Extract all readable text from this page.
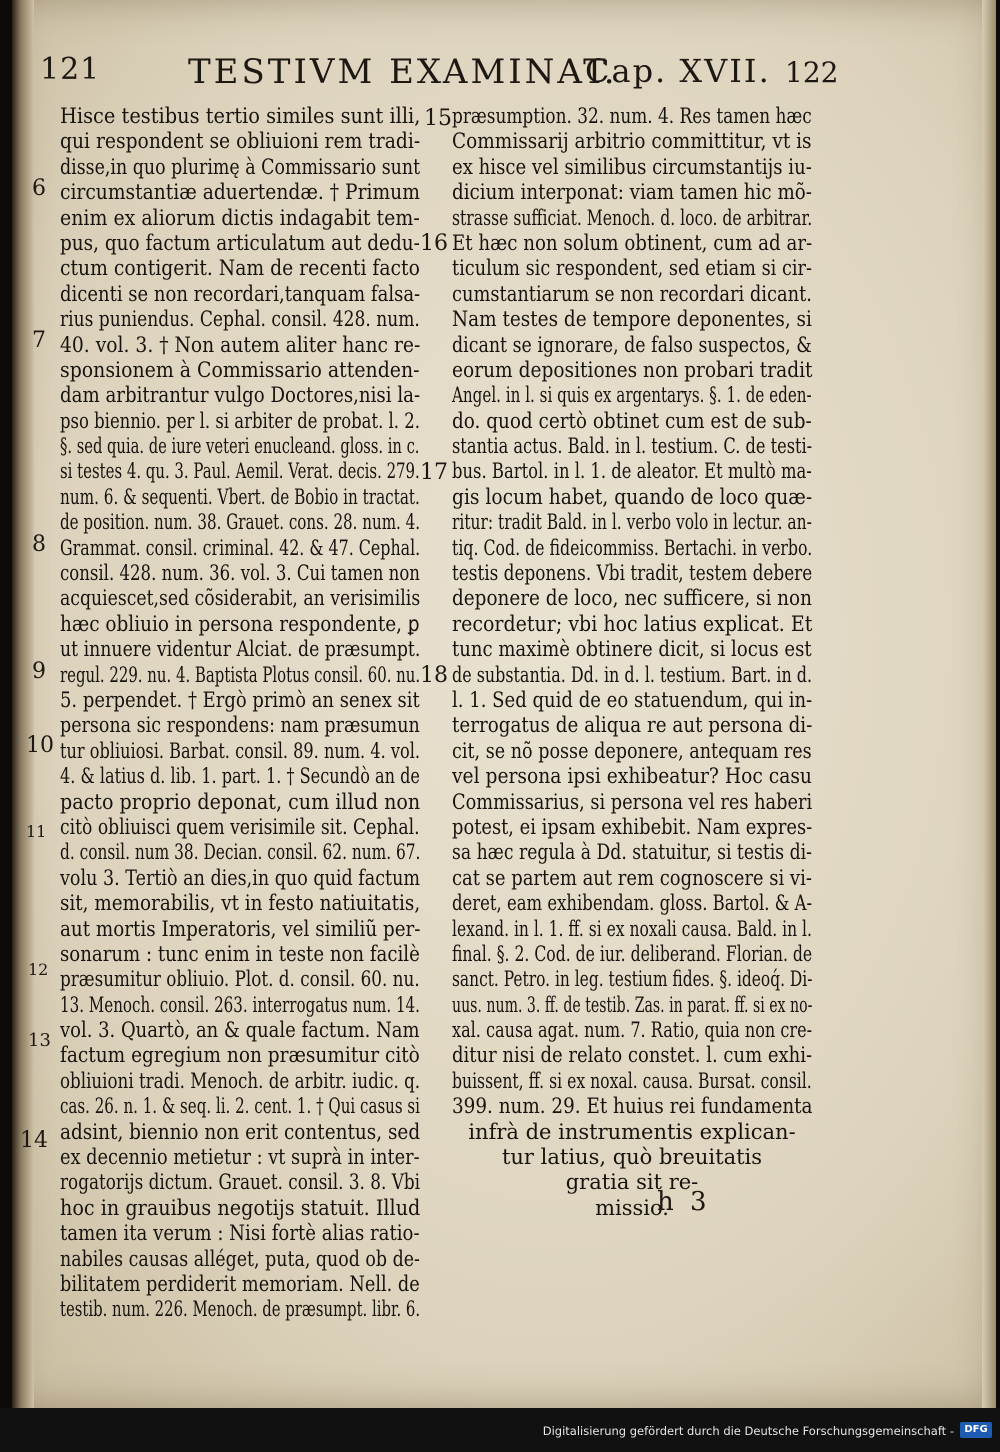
121	TESTIVM EXAMINAT.
Cap. XVII. 122
Hisce testibus tertio similes sunt illi,
qui respondent se obliuioni rem tradi-
disse,in quo plurimę à Commissario sunt
circumstantiæ aduertendæ. † Primum
enim ex aliorum dictis indagabit tem-
pus, quo factum articulatum aut dedu-
ctum contigerit. Nam de recenti facto
dicenti se non recordari,tanquam falsa-
rius puniendus. Cephal. consil. 428. num.
40. vol. 3. † Non autem aliter hanc re-
sponsionem à Commissario attenden-
dam arbitrantur vulgo Doctores,nisi la-
pso biennio. per l. si arbiter de probat. l. 2.
§. sed quia. de iure veteri enucleand. gloss. in c.
si testes 4. qu. 3. Paul. Aemil. Verat. decis. 279.
num. 6. & sequenti. Vbert. de Bobio in tractat.
de position. num. 38. Grauet. cons. 28. num. 4.
Grammat. consil. criminal. 42. & 47. Cephal.
consil. 428. num. 36. vol. 3. Cui tamen non
acquiescet,sed cõsiderabit, an verisimilis
hæc obliuio in persona respondente, ꝑ
ut innuere videntur Alciat. de præsumpt.
regul. 229. nu. 4. Baptista Plotus consil. 60. nu.
5. perpendet. † Ergò primò an senex sit
persona sic respondens: nam præsumun
tur obliuiosi. Barbat. consil. 89. num. 4. vol.
4. & latius d. lib. 1. part. 1. † Secundò an de
pacto proprio deponat, cum illud non
citò obliuisci quem verisimile sit. Cephal.
d. consil. num 38. Decian. consil. 62. num. 67.
volu 3. Tertiò an dies,in quo quid factum
sit, memorabilis, vt in festo natiuitatis,
aut mortis Imperatoris, vel similiũ per-
sonarum : tunc enim in teste non facilè
præsumitur obliuio. Plot. d. consil. 60. nu.
13. Menoch. consil. 263. interrogatus num. 14.
vol. 3. Quartò, an & quale factum. Nam
factum egregium non præsumitur citò
obliuioni tradi. Menoch. de arbitr. iudic. q.
cas. 26. n. 1. & seq. li. 2. cent. 1. † Qui casus si
adsint, biennio non erit contentus, sed
ex decennio metietur : vt suprà in inter-
rogatorijs dictum. Grauet. consil. 3. 8. Vbi
hoc in grauibus negotijs statuit. Illud
tamen ita verum : Nisi fortè alias ratio-
nabiles causas alléget, puta, quod ob de-
bilitatem perdiderit memoriam. Nell. de
testib. num. 226. Menoch. de præsumpt. libr. 6.
præsumption. 32. num. 4. Res tamen hæc
Commissarij arbitrio committitur, vt is
ex hisce vel similibus circumstantijs iu-
dicium interponat: viam tamen hic mõ-
strasse sufficiat. Menoch. d. loco. de arbitrar.
Et hæc non solum obtinent, cum ad ar-
ticulum sic respondent, sed etiam si cir-
cumstantiarum se non recordari dicant.
Nam testes de tempore deponentes, si
dicant se ignorare, de falso suspectos, &
eorum depositiones non probari tradit
Angel. in l. si quis ex argentarys. §. 1. de eden-
do. quod certò obtinet cum est de sub-
stantia actus. Bald. in l. testium. C. de testi-
bus. Bartol. in l. 1. de aleator. Et multò ma-
gis locum habet, quando de loco quæ-
ritur: tradit Bald. in l. verbo volo in lectur. an-
tiq. Cod. de fideicommiss. Bertachi. in verbo.
testis deponens. Vbi tradit, testem debere
deponere de loco, nec sufficere, si non
recordetur; vbi hoc latius explicat. Et
tunc maximè obtinere dicit, si locus est
de substantia. Dd. in d. l. testium. Bart. in d.
l. 1. Sed quid de eo statuendum, qui in-
terrogatus de aliqua re aut persona di-
cit, se nõ posse deponere, antequam res
vel persona ipsi exhibeatur? Hoc casu
Commissarius, si persona vel res haberi
potest, ei ipsam exhibebit. Nam expres-
sa hæc regula à Dd. statuitur, si testis di-
cat se partem aut rem cognoscere si vi-
deret, eam exhibendam. gloss. Bartol. & A-
lexand. in l. 1. ff. si ex noxali causa. Bald. in l.
final. §. 2. Cod. de iur. deliberand. Florian. de
sanct. Petro. in leg. testium fides. §. ideoq́. Di-
uus. num. 3. ff. de testib. Zas. in parat. ff. si ex no-
xal. causa agat. num. 7. Ratio, quia non cre-
ditur nisi de relato constet. l. cum exhi-
buissent, ff. si ex noxal. causa. Bursat. consil.
399. num. 29. Et huius rei fundamenta
infrà de instrumentis explican-
tur latius, quò breuitatis
gratia sit re-
missio.
6
7
8
9
10
11
12
13
14
15
16
17
18
h 3
Digitalisierung gefördert durch die Deutsche Forschungsgemeinschaft -	DFG
